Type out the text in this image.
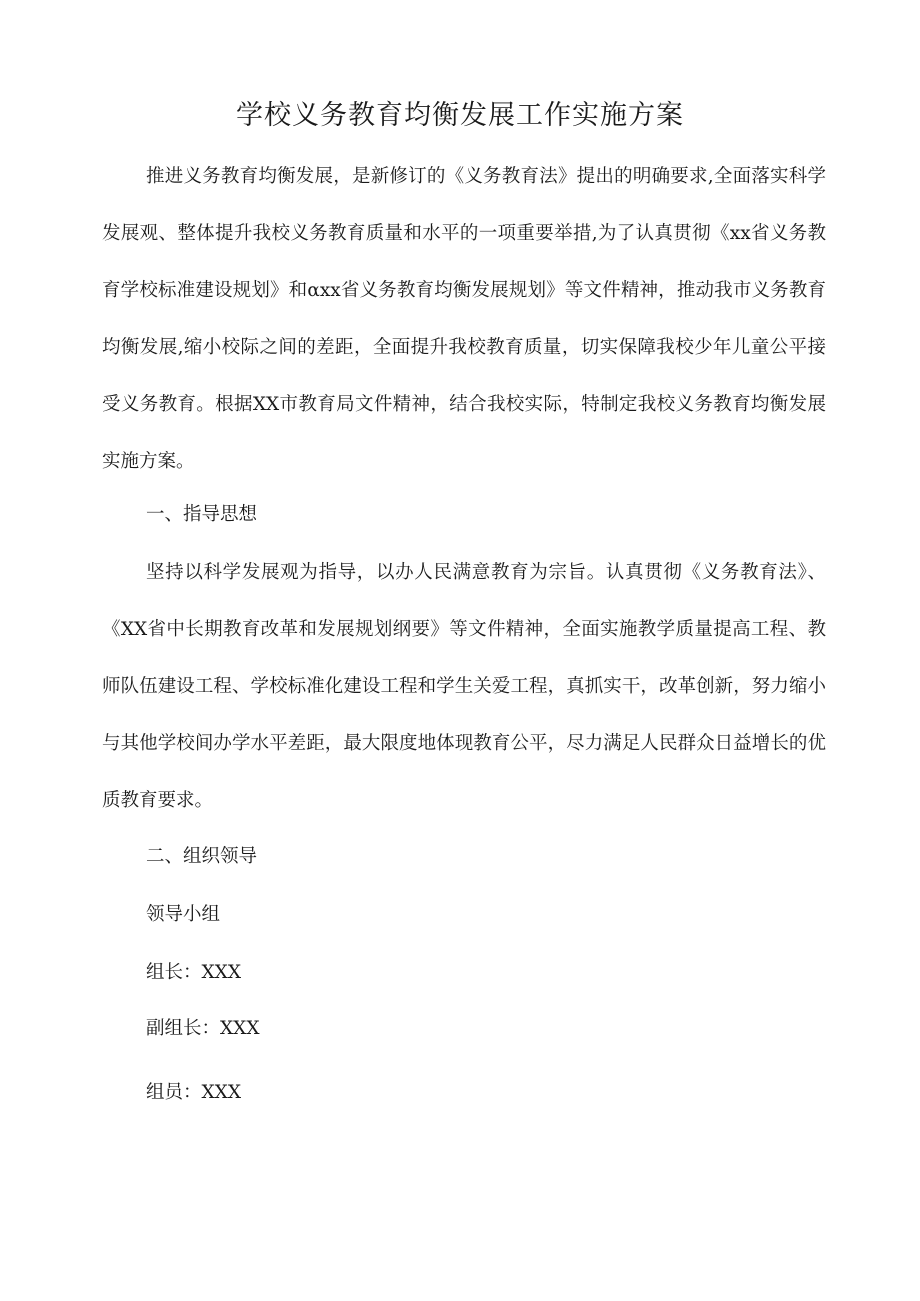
学校义务教育均衡发展工作实施方案

推进义务教育均衡发展，是新修订的《义务教育法》提出的明确要求,全面落实科学发展观、整体提升我校义务教育质量和水平的一项重要举措,为了认真贯彻《xx省义务教育学校标准建设规划》和αxx省义务教育均衡发展规划》等文件精神，推动我市义务教育均衡发展,缩小校际之间的差距，全面提升我校教育质量，切实保障我校少年儿童公平接受义务教育。根据XX市教育局文件精神，结合我校实际，特制定我校义务教育均衡发展实施方案。

一、指导思想

坚持以科学发展观为指导，以办人民满意教育为宗旨。认真贯彻《义务教育法》、《XX省中长期教育改革和发展规划纲要》等文件精神，全面实施教学质量提高工程、教师队伍建设工程、学校标准化建设工程和学生关爱工程，真抓实干，改革创新，努力缩小与其他学校间办学水平差距，最大限度地体现教育公平，尽力满足人民群众日益增长的优质教育要求。

二、组织领导
领导小组
组长：XXX
副组长：XXX
组员：XXX
